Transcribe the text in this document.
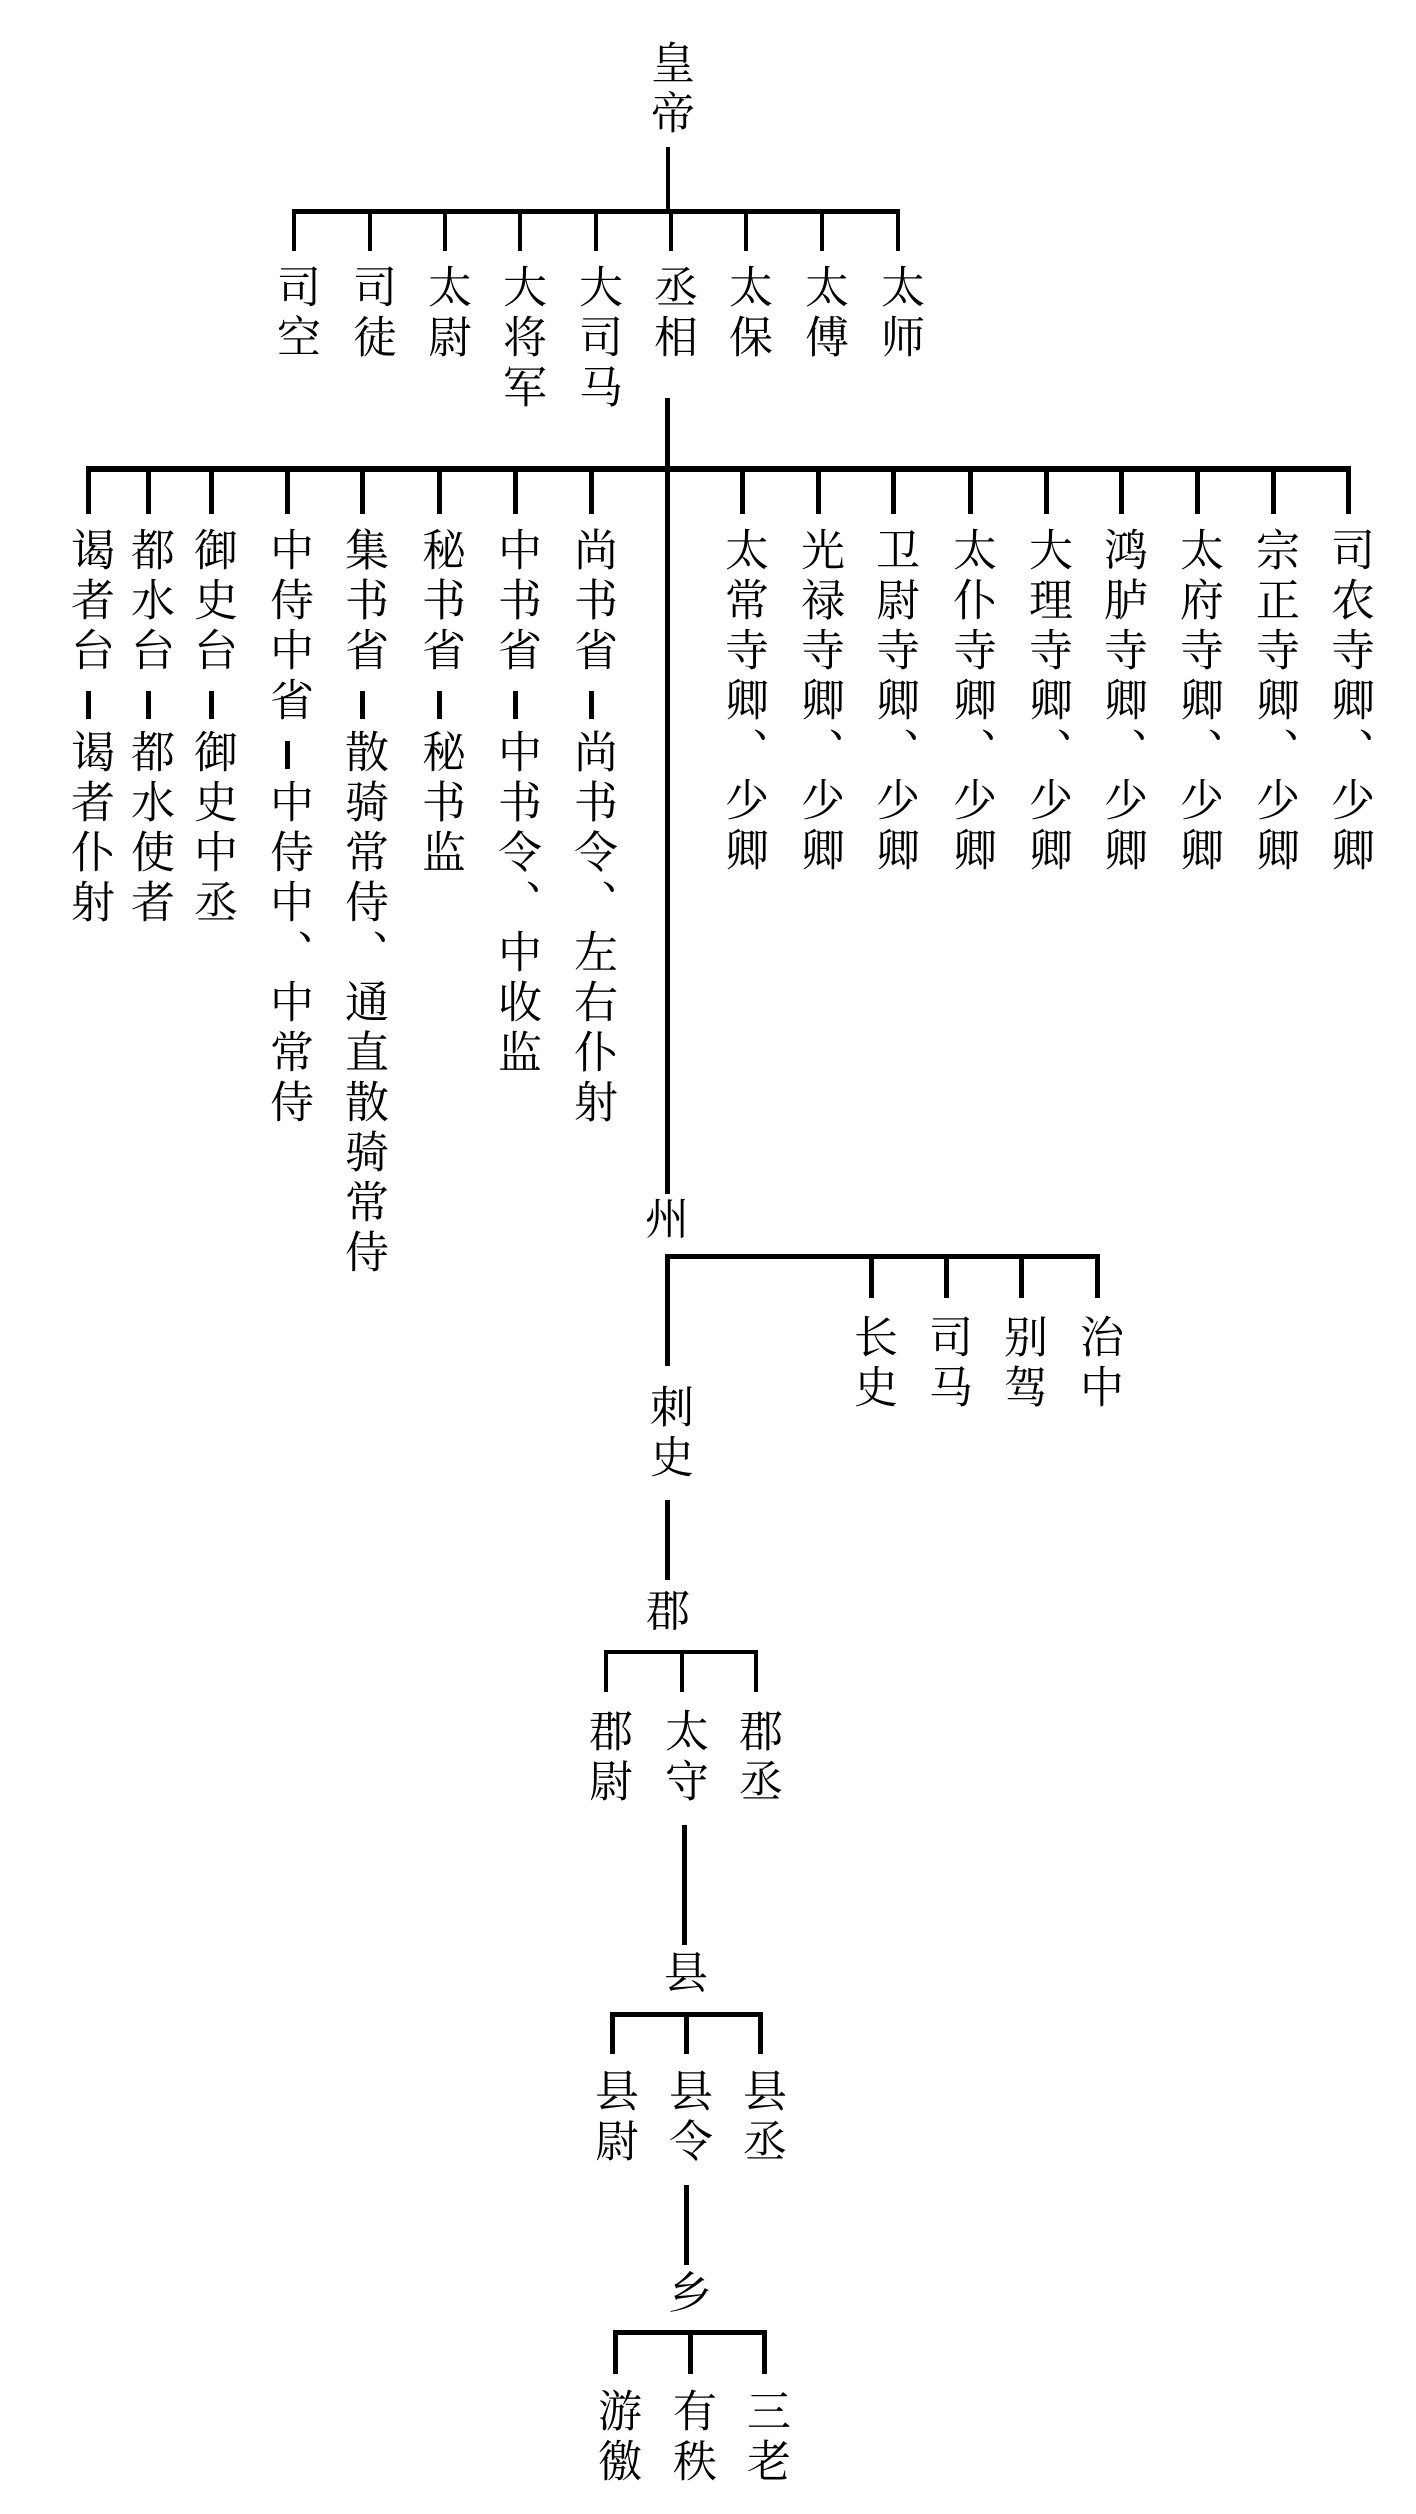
皇帝
司空 司徒 太尉 大将军 大司马 丞相 太保 太傅 太师
谒者台
谒者仆射
都水台
都水使者
御史台
御史中丞
中侍中省
中侍中、中常侍
集书省
散骑常侍、通直散骑常侍
秘书省
秘书监
中书省
中书令、中收监
尚书省
尚书令、左右仆射
太常寺卿、少卿 光禄寺卿、少卿 卫尉寺卿、少卿 太仆寺卿、少卿 大理寺卿、少卿 鸿胪寺卿、少卿 太府寺卿、少卿 宗正寺卿、少卿 司农寺卿、少卿
州
长史 司马 别驾 治中
刺史
郡
郡尉 太守 郡丞
县
县尉 县令 县丞
乡
游徼 有秩 三老
